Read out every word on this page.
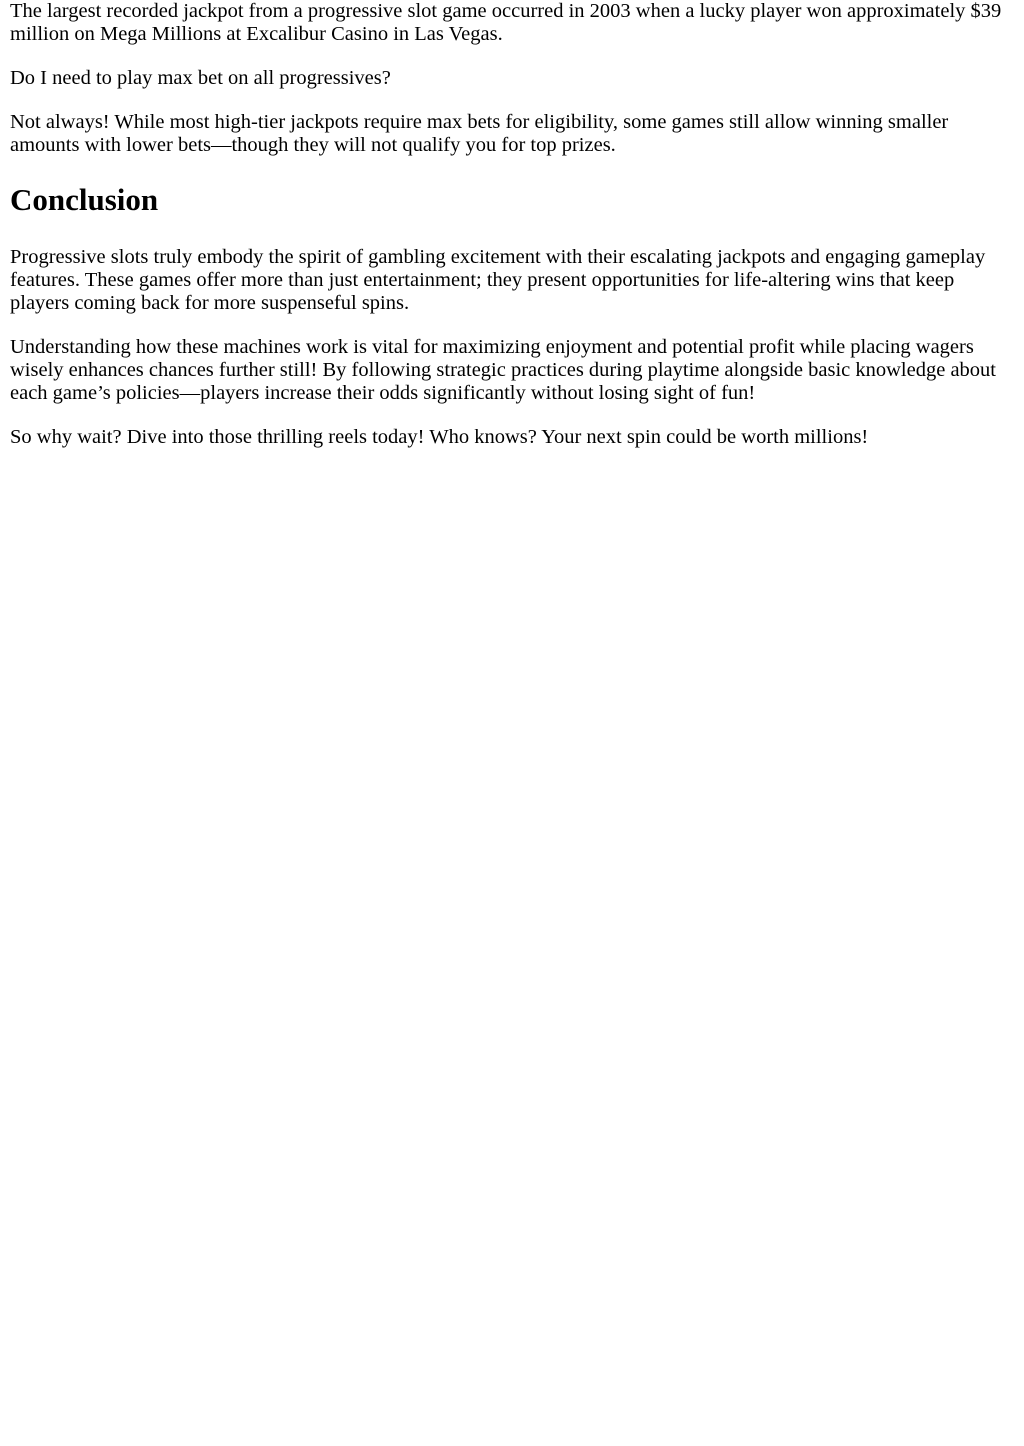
The largest recorded jackpot from a progressive slot game occurred in 2003 when a lucky player won approximately $39 million on Mega Millions at Excalibur Casino in Las Vegas.

Do I need to play max bet on all progressives?

Not always! While most high-tier jackpots require max bets for eligibility, some games still allow winning smaller amounts with lower bets—though they will not qualify you for top prizes.

Conclusion

Progressive slots truly embody the spirit of gambling excitement with their escalating jackpots and engaging gameplay features. These games offer more than just entertainment; they present opportunities for life-altering wins that keep players coming back for more suspenseful spins.

Understanding how these machines work is vital for maximizing enjoyment and potential profit while placing wagers wisely enhances chances further still! By following strategic practices during playtime alongside basic knowledge about each game’s policies—players increase their odds significantly without losing sight of fun!

So why wait? Dive into those thrilling reels today! Who knows? Your next spin could be worth millions!
